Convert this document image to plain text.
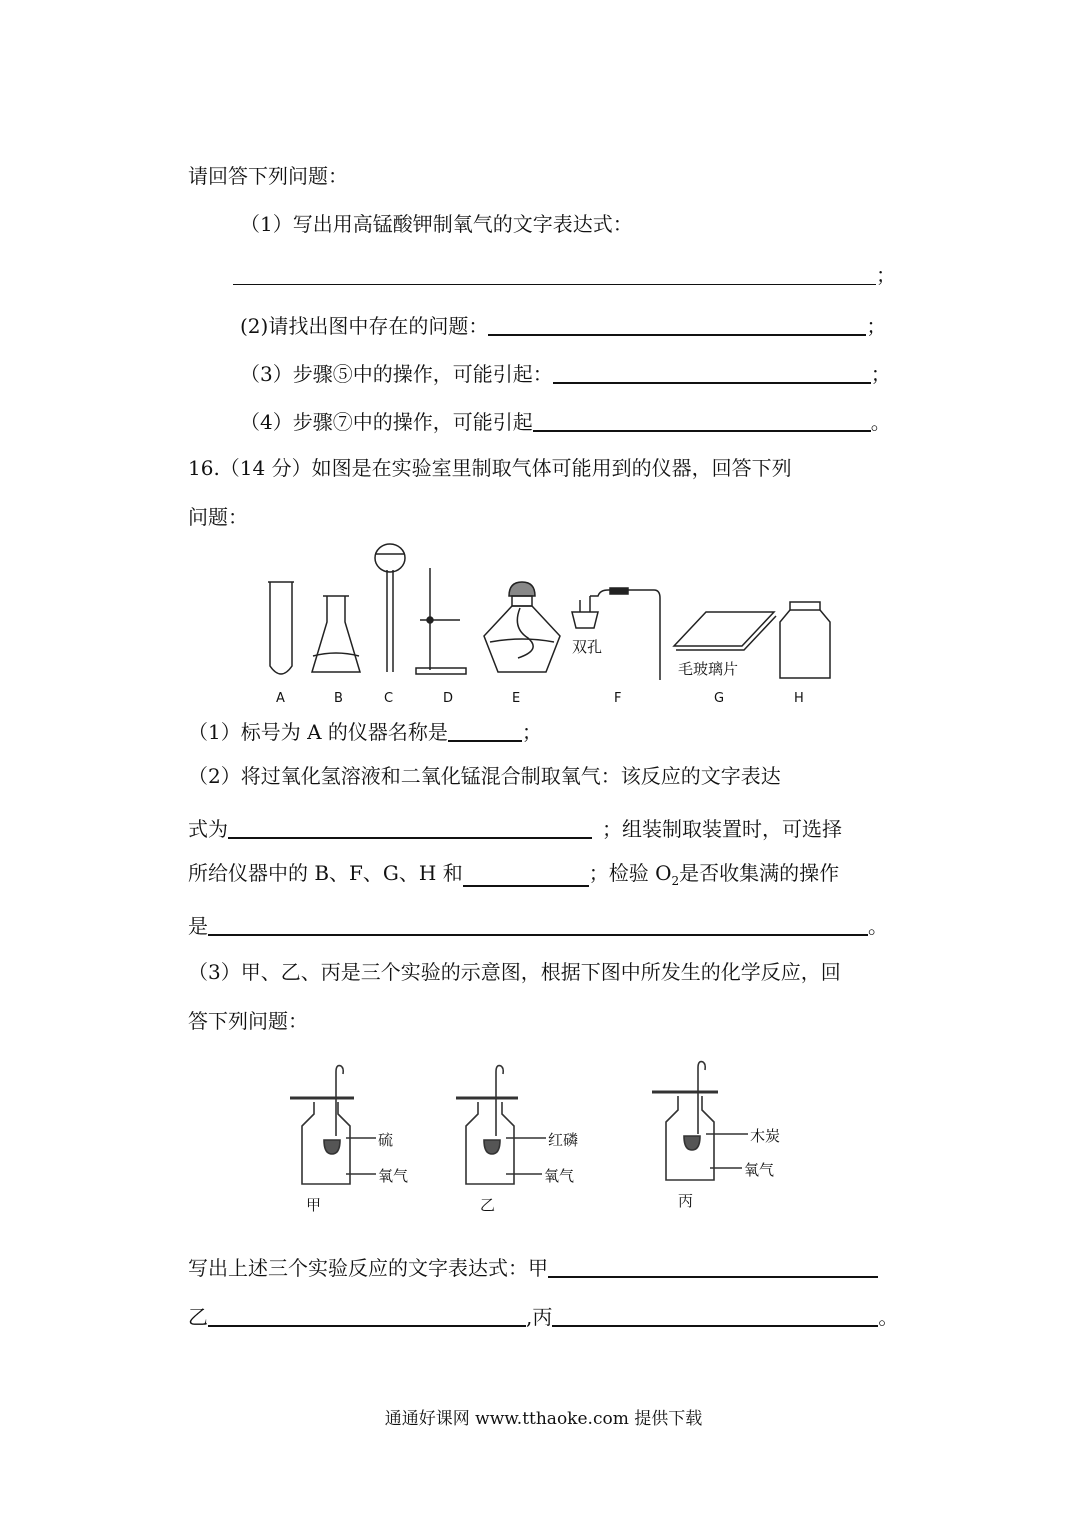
请回答下列问题：
（1）写出用高锰酸钾制氧气的文字表达式：
；
(2)请找出图中存在的问题：	；
（3）步骤⑤中的操作，可能引起：	；
（4）步骤⑦中的操作，可能引起	。
16.（14 分）如图是在实验室里制取气体可能用到的仪器，回答下列
问题：
双孔
毛玻璃片
A	B	C	D	E	F	G	H
（1）标号为 A 的仪器名称是	；
（2）将过氧化氢溶液和二氧化锰混合制取氧气：该反应的文字表达
式为	；组装制取装置时，可选择
所给仪器中的 B、F、G、H 和	；检验 $O_2$是否收集满的操作
是	。
（3）甲、乙、丙是三个实验的示意图，根据下图中所发生的化学反应，回
答下列问题：
硫
氧气
甲
红磷
氧气
乙
木炭
氧气
丙
写出上述三个实验反应的文字表达式：甲
乙	,丙	。
通通好课网 www.tthaoke.com 提供下载
